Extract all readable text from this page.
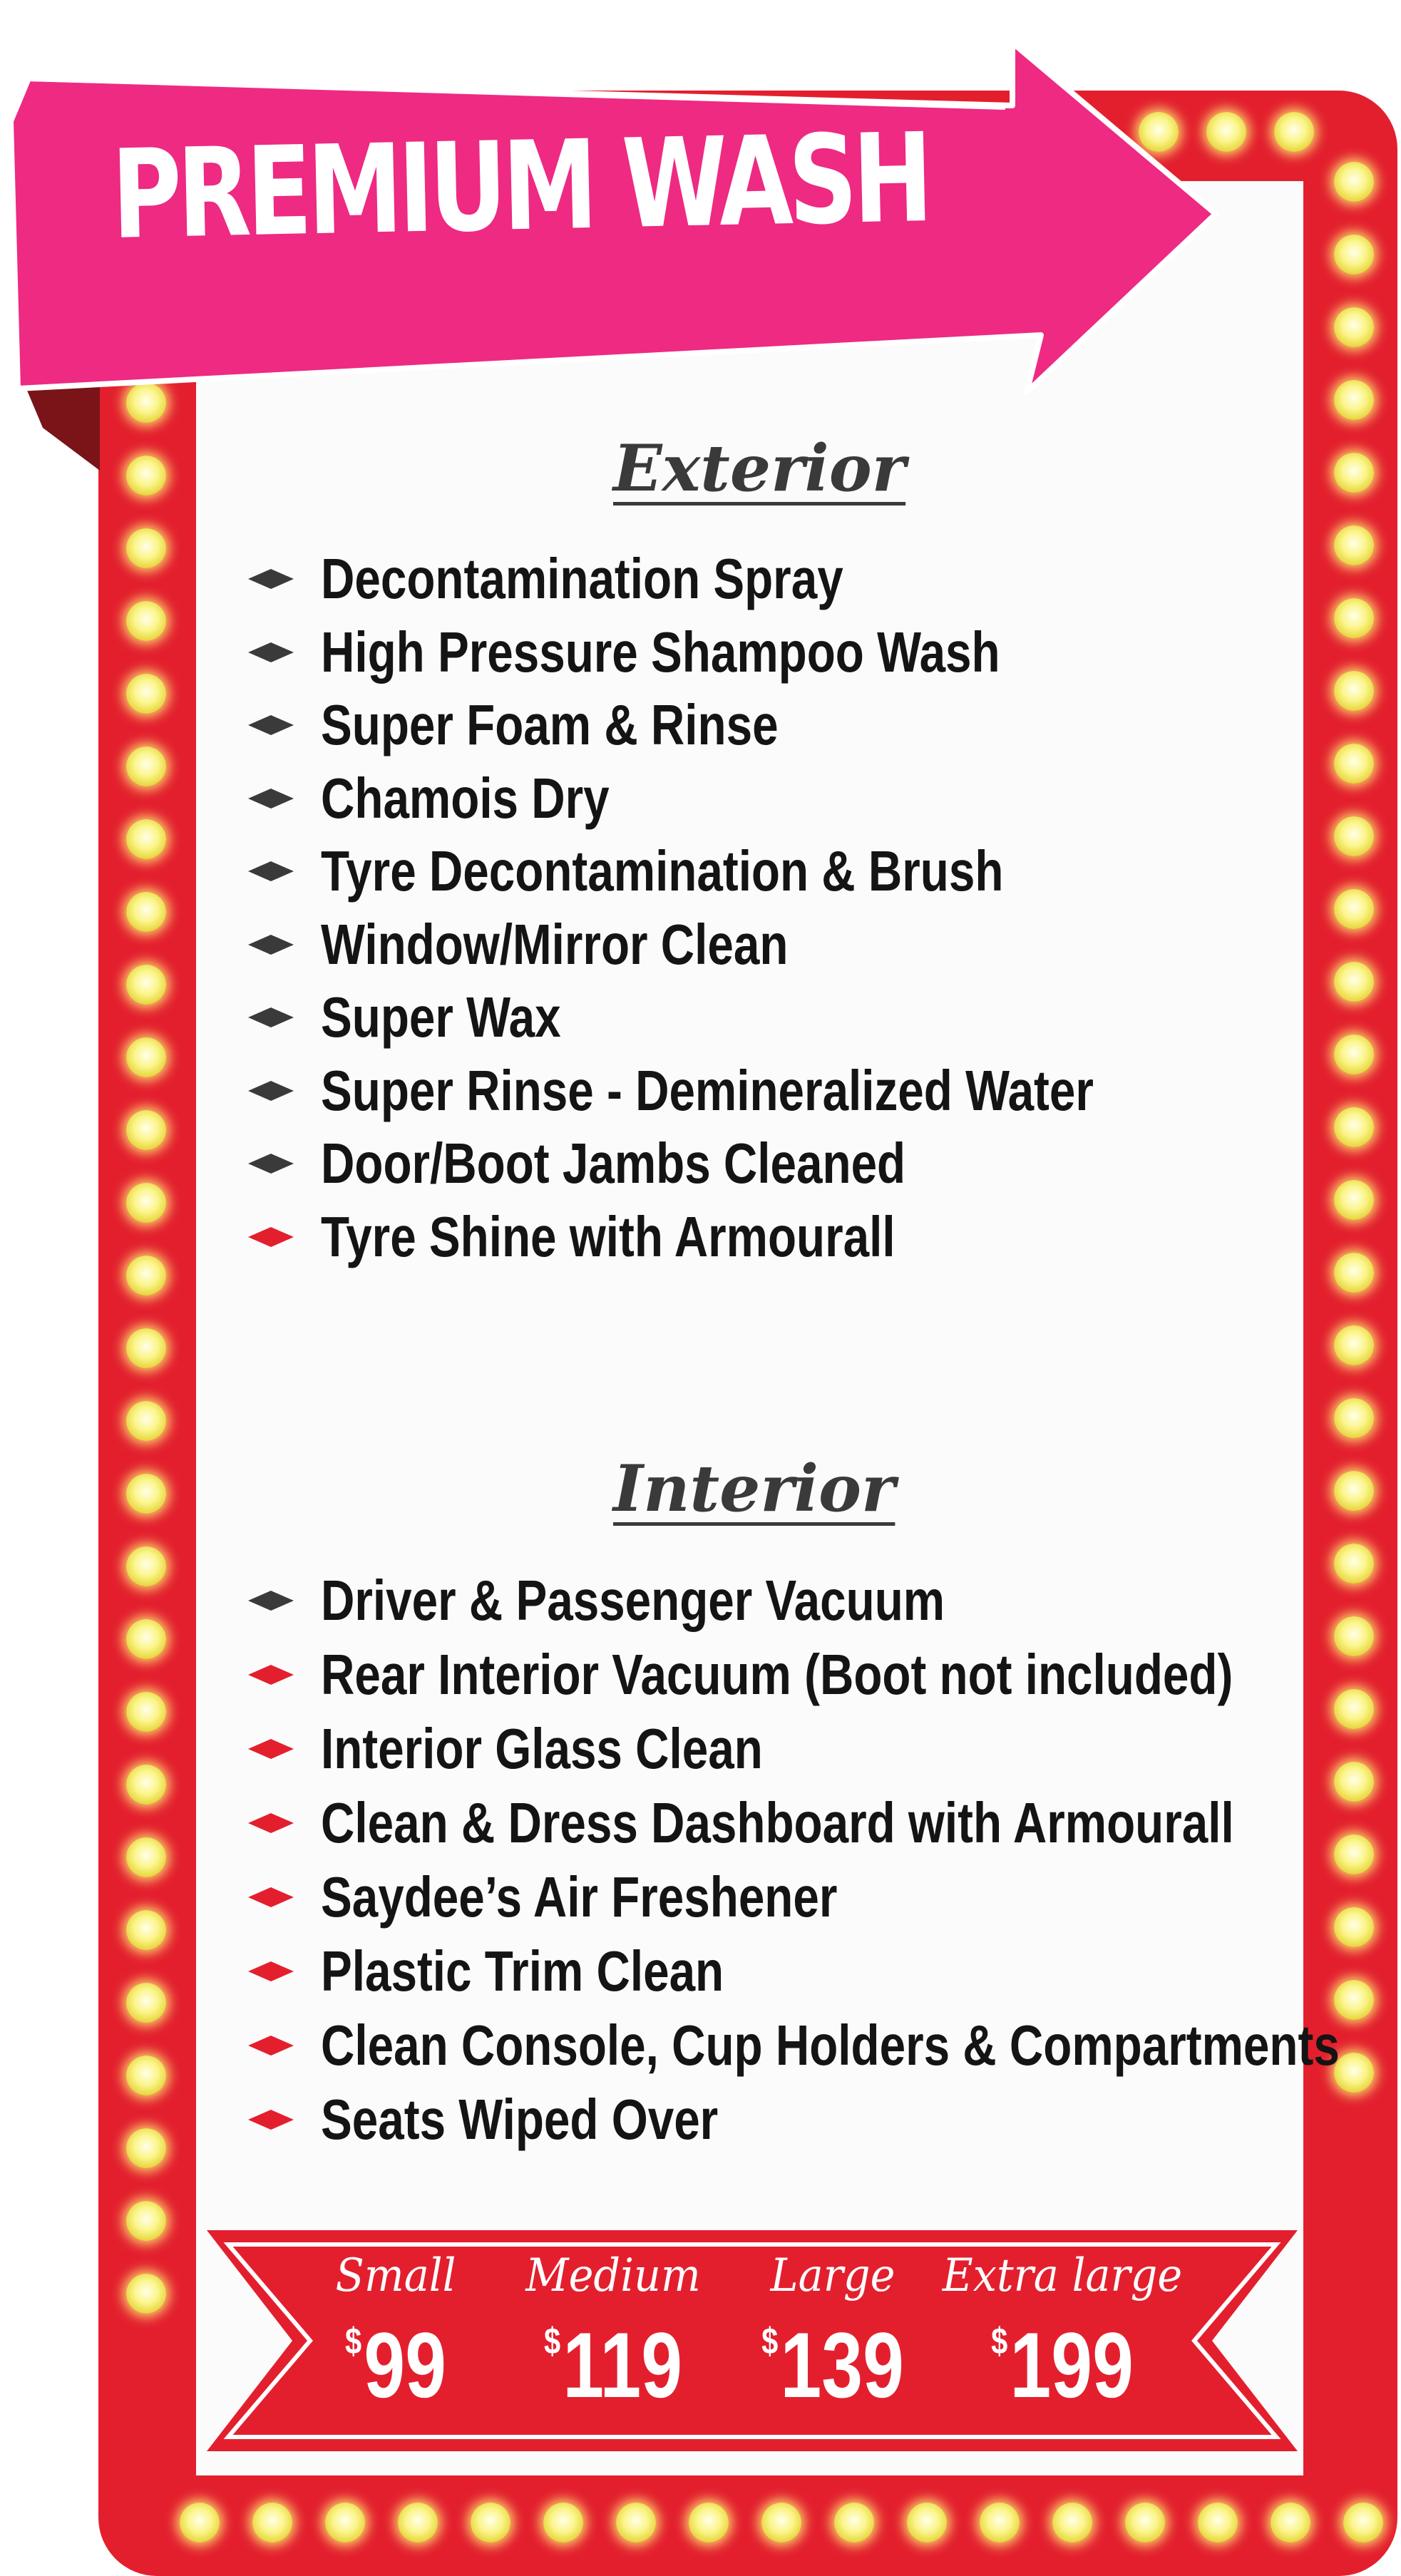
PREMIUM WASH
Exterior
Decontamination Spray
High Pressure Shampoo Wash
Super Foam & Rinse
Chamois Dry
Tyre Decontamination & Brush
Window/Mirror Clean
Super Wax
Super Rinse - Demineralized Water
Door/Boot Jambs Cleaned
Tyre Shine with Armourall
Interior
Driver & Passenger Vacuum
Rear Interior Vacuum (Boot not included)
Interior Glass Clean
Clean & Dress Dashboard with Armourall
Saydee’s Air Freshener
Plastic Trim Clean
Clean Console, Cup Holders & Compartments
Seats Wiped Over
Small
$99
Medium
$119
Large
$139
Extra large
$199
